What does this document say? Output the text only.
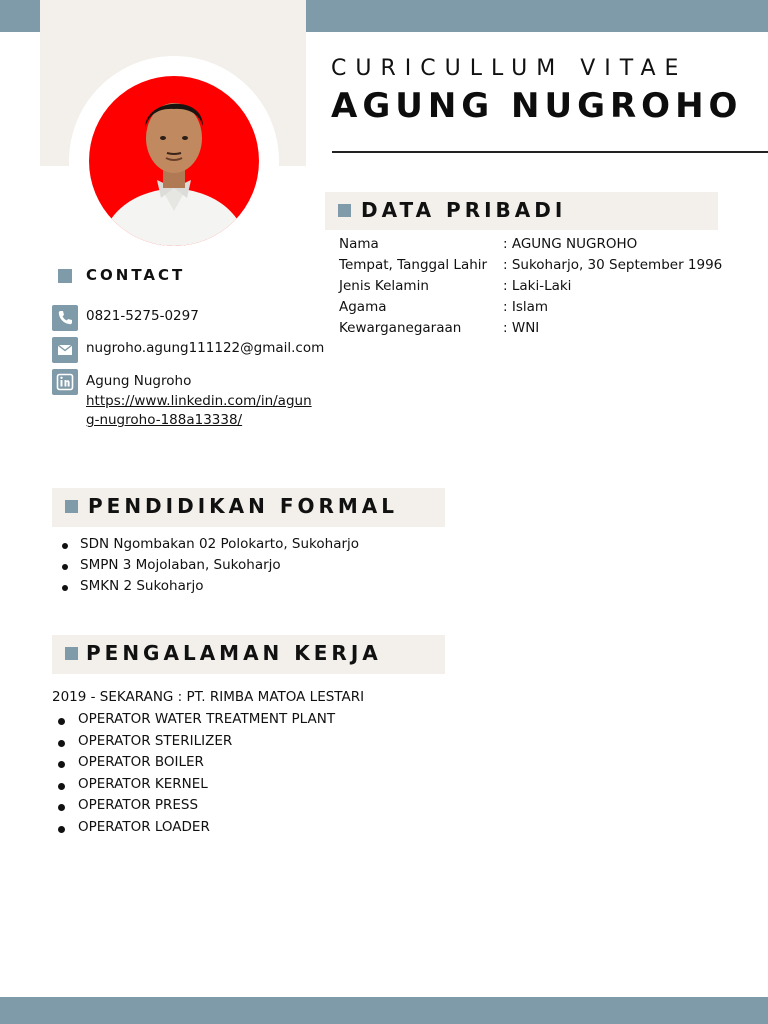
CURICULLUM VITAE
AGUNG NUGROHO
DATA PRIBADI
Nama	: AGUNG NUGROHO
Tempat, Tanggal Lahir : Sukoharjo, 30 September 1996
Jenis Kelamin	: Laki-Laki
Agama	: Islam
Kewarganegaraan	: WNI
CONTACT
0821-5275-0297
nugroho.agung111122@gmail.com
Agung Nugroho
https://www.linkedin.com/in/agung-nugroho-188a13338/
PENDIDIKAN FORMAL
SDN Ngombakan 02 Polokarto, Sukoharjo
SMPN 3 Mojolaban, Sukoharjo
SMKN 2 Sukoharjo
PENGALAMAN KERJA
2019 - SEKARANG : PT. RIMBA MATOA LESTARI
OPERATOR WATER TREATMENT PLANT
OPERATOR STERILIZER
OPERATOR BOILER
OPERATOR KERNEL
OPERATOR PRESS
OPERATOR LOADER
